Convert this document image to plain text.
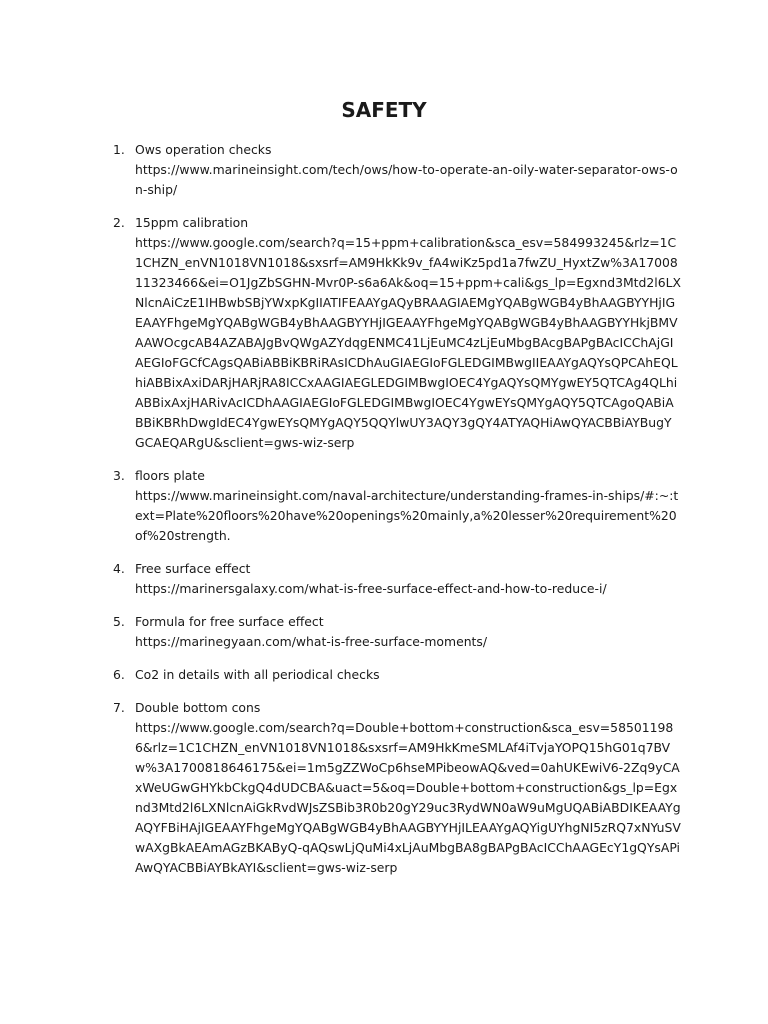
SAFETY
1. Ows operation checks
https://www.marineinsight.com/tech/ows/how-to-operate-an-oily-water-separator-ows-on-ship/
2. 15ppm calibration
https://www.google.com/search?q=15+ppm+calibration&sca_esv=584993245&rlz=1C1CHZN_enVN1018VN1018&sxsrf=AM9HkKk9v_fA4wiKz5pd1a7fwZU_HyxtZw%3A1700811323466&ei=O1JgZbSGHN-Mvr0P-s6a6Ak&oq=15+ppm+cali&gs_lp=Egxnd3Mtd2l6LXNlcnAiCzE1IHBwbSBjYWxpKgIIATIFEAAYgAQyBRAAGIAEMgYQABgWGB4yBhAAGBYYHjIGEAAYFhgeMgYQABgWGB4yBhAAGBYYHjIGEAAYFhgeMgYQABgWGB4yBhAAGBYYHkjBMVAAWOcgcAB4AZABAJgBvQWgAZYdqgENMC41LjEuMC4zLjEuMbgBAcgBAPgBAcICChAjGIAEGIoFGCfCAgsQABiABBiKBRiRAsICDhAuGIAEGIoFGLEDGIMBwgIIEAAYgAQYsQPCAhEQLhiABBixAxiDARjHARjRA8ICCxAAGIAEGLEDGIMBwgIOEC4YgAQYsQMYgwEY5QTCAg4QLhiABBixAxjHARivAcICDhAAGIAEGIoFGLEDGIMBwgIOEC4YgwEYsQMYgAQY5QTCAgoQABiABBiKBRhDwgIdEC4YgwEYsQMYgAQY5QQYlwUY3AQY3gQY4ATYAQHiAwQYACBBiAYBugYGCAEQARgU&sclient=gws-wiz-serp
3. floors plate
https://www.marineinsight.com/naval-architecture/understanding-frames-in-ships/#:~:text=Plate%20floors%20have%20openings%20mainly,a%20lesser%20requirement%20of%20strength.
4. Free surface effect
https://marinersgalaxy.com/what-is-free-surface-effect-and-how-to-reduce-i/
5. Formula for free surface effect
https://marinegyaan.com/what-is-free-surface-moments/
6. Co2 in details with all periodical checks
7. Double bottom cons
https://www.google.com/search?q=Double+bottom+construction&sca_esv=585011986&rlz=1C1CHZN_enVN1018VN1018&sxsrf=AM9HkKmeSMLAf4iTvjaYOPQ15hG01q7BVw%3A1700818646175&ei=1m5gZZWoCp6hseMPibeowAQ&ved=0ahUKEwiV6-2Zq9yCAxWeUGwGHYkbCkgQ4dUDCBA&uact=5&oq=Double+bottom+construction&gs_lp=Egxnd3Mtd2l6LXNlcnAiGkRvdWJsZSBib3R0b20gY29uc3RydWN0aW9uMgUQABiABDIKEAAYgAQYFBiHAjIGEAAYFhgeMgYQABgWGB4yBhAAGBYYHjILEAAYgAQYigUYhgNI5zRQ7xNYuSVwAXgBkAEAmAGzBKAByQ-qAQswLjQuMi4xLjAuMbgBA8gBAPgBAcICChAAGEcY1gQYsAPiAwQYACBBiAYBkAYI&sclient=gws-wiz-serp
